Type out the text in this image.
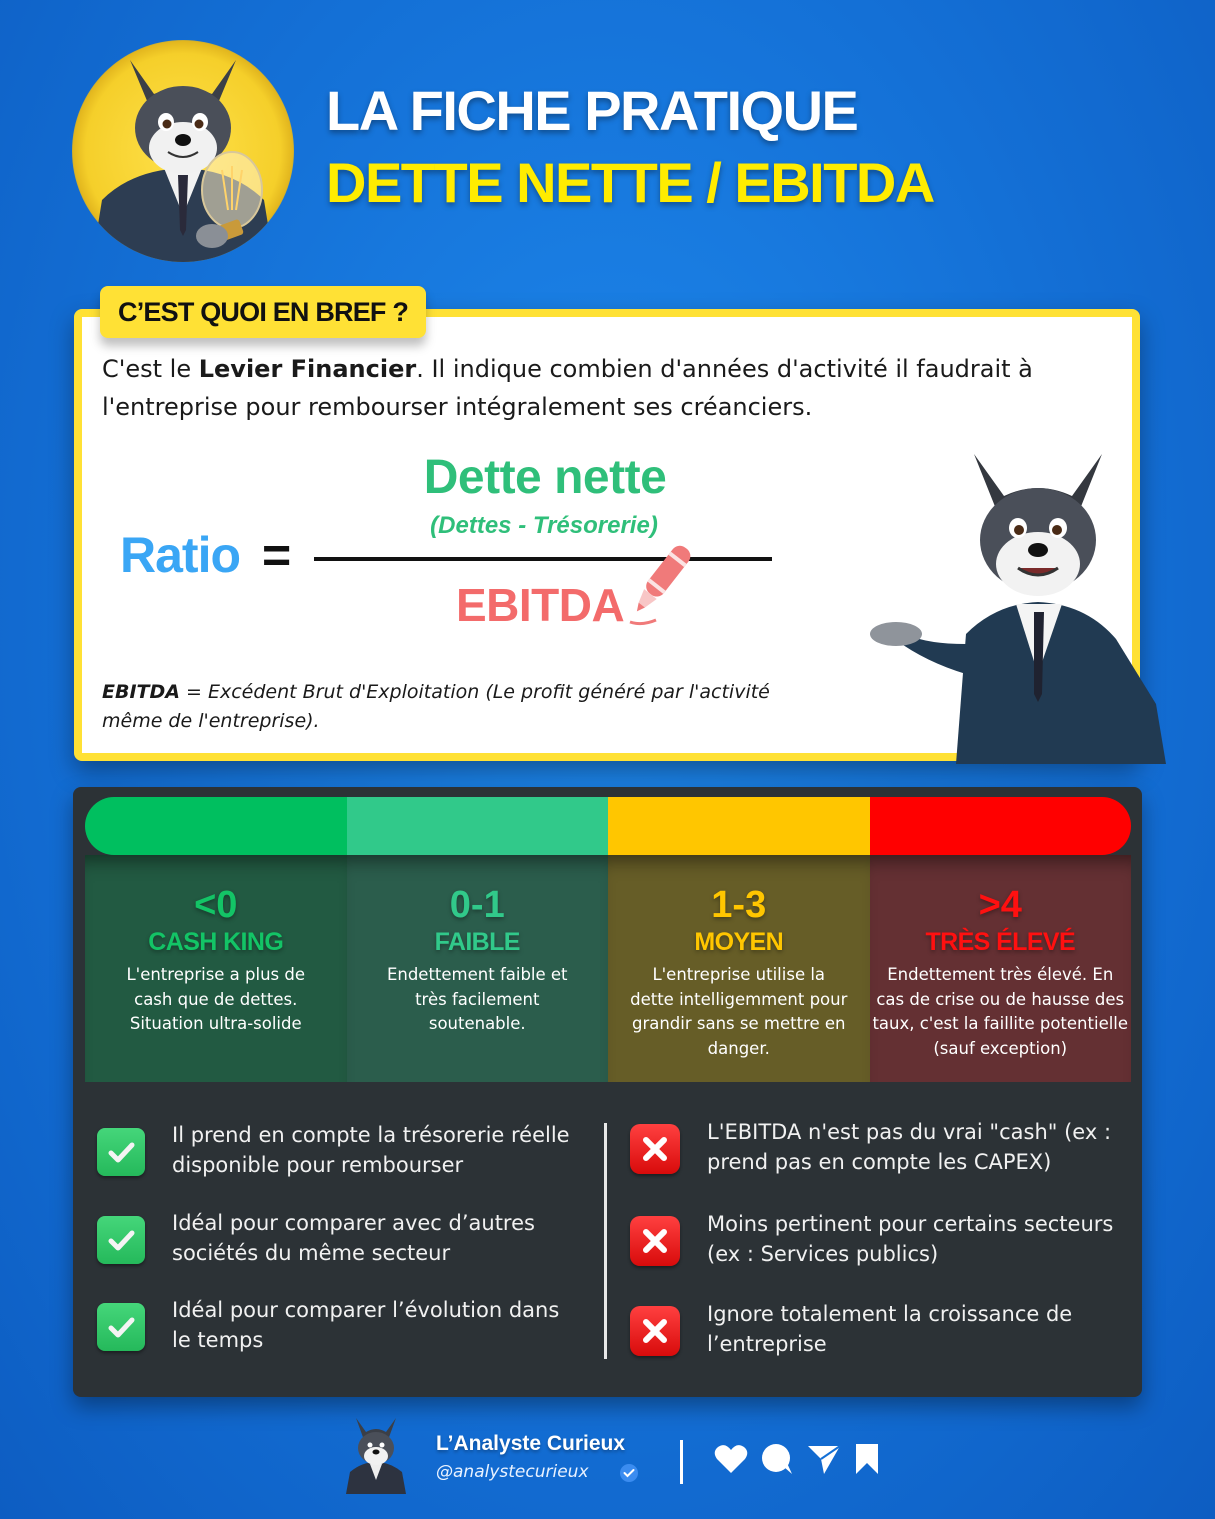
LA FICHE PRATIQUE
DETTE NETTE / EBITDA
C’EST QUOI EN BREF ?
C'est le Levier Financier. Il indique combien d'années d'activité il faudrait à l'entreprise pour rembourser intégralement ses créanciers.
Ratio =
Dette nette
(Dettes - Trésorerie)
EBITDA
EBITDA = Excédent Brut d'Exploitation (Le profit généré par l'activité même de l'entreprise).
<0
CASH KING
L'entreprise a plus de cash que de dettes. Situation ultra-solide
0-1
FAIBLE
Endettement faible et très facilement soutenable.
1-3
MOYEN
L'entreprise utilise la dette intelligemment pour grandir sans se mettre en danger.
>4
TRÈS ÉLEVÉ
Endettement très élevé. En cas de crise ou de hausse des taux, c'est la faillite potentielle (sauf exception)
Il prend en compte la trésorerie réelle disponible pour rembourser
Idéal pour comparer avec d’autres sociétés du même secteur
Idéal pour comparer l’évolution dans le temps
L'EBITDA n'est pas du vrai "cash" (ex : prend pas en compte les CAPEX)
Moins pertinent pour certains secteurs (ex : Services publics)
Ignore totalement la croissance de l’entreprise
L’Analyste Curieux
@analystecurieux
